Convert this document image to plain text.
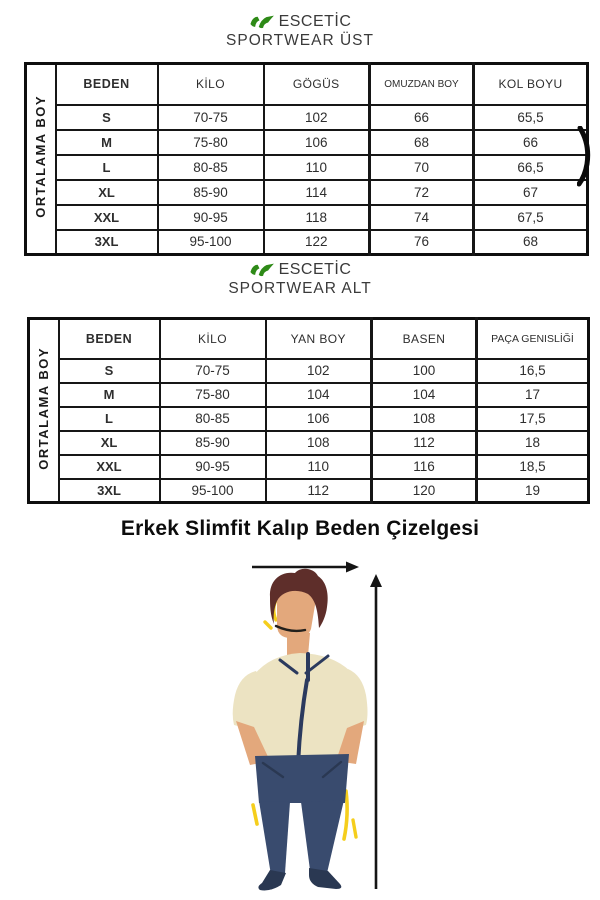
ESCETİC
SPORTWEAR ÜST
ORTALAMA BOY	BEDEN	KİLO	GÖGÜS	OMUZDAN BOY	KOL BOYU
	S	70-75	102	66	65,5
	M	75-80	106	68	66
	L	80-85	110	70	66,5
	XL	85-90	114	72	67
	XXL	90-95	118	74	67,5
	3XL	95-100	122	76	68
ESCETİC
SPORTWEAR ALT
ORTALAMA BOY	BEDEN	KİLO	YAN BOY	BASEN	PAÇA GENISLİĞİ
	S	70-75	102	100	16,5
	M	75-80	104	104	17
	L	80-85	106	108	17,5
	XL	85-90	108	112	18
	XXL	90-95	110	116	18,5
	3XL	95-100	112	120	19
Erkek Slimfit Kalıp Beden Çizelgesi
